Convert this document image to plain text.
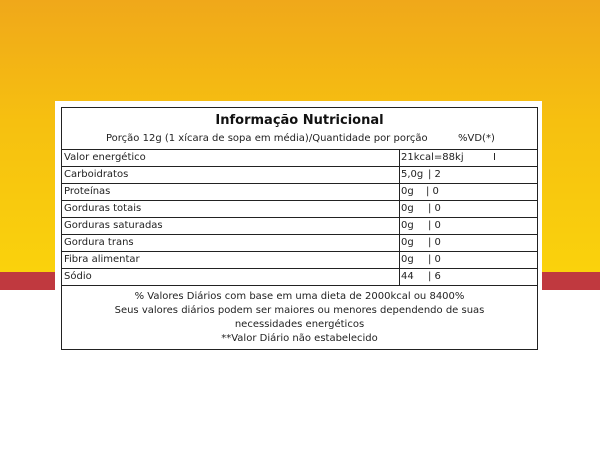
Informação Nutricional
Porção 12g (1 xícara de sopa em média)/Quantidade por porção	%VD(*)
Valor energético	21kcal=88kj	I
Carboidratos	5,0g | 2
Proteínas	0g | 0
Gorduras totais	0g | 0
Gorduras saturadas	0g | 0
Gordura trans	0g | 0
Fibra alimentar	0g | 0
Sódio	44 | 6
% Valores Diários com base em uma dieta de 2000kcal ou 8400%
Seus valores diários podem ser maiores ou menores dependendo de suas necessidades energéticos
**Valor Diário não estabelecido
